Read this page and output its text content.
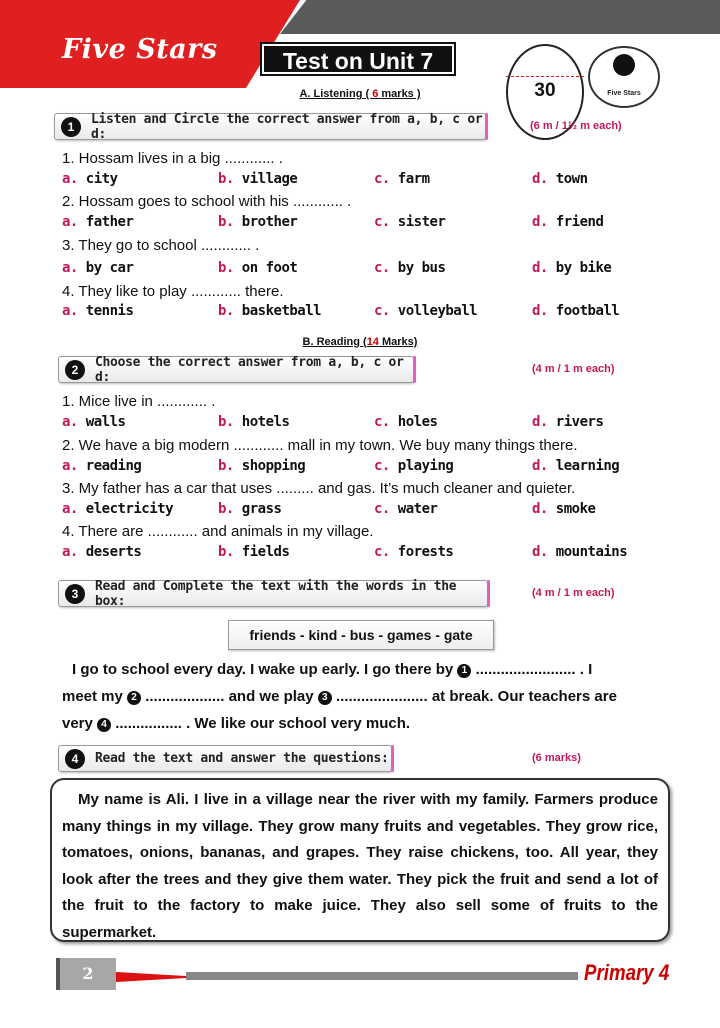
Five Stars	Test on Unit 7
30	Five Stars
A. Listening ( 6 marks )
1	Listen and Circle the correct answer from a, b, c or d:
(6 m / 1½ m each)
1. Hossam lives in a big ............ .
a. city	b. village	c. farm	d. town
2. Hossam goes to school with his ............ .
a. father	b. brother	c. sister	d. friend
3. They go to school ............ .
a. by car	b. on foot	c. by bus	d. by bike
4. They like to play ............ there.
a. tennis	b. basketball	c. volleyball	d. football
B. Reading (14 Marks)
2	Choose the correct answer from a, b, c or d:
(4 m / 1 m each)
1. Mice live in ............ .
a. walls	b. hotels	c. holes	d. rivers
2. We have a big modern ............ mall in my town. We buy many things there.
a. reading	b. shopping	c. playing	d. learning
3. My father has a car that uses ......... and gas. It’s much cleaner and quieter.
a. electricity	b. grass	c. water	d. smoke
4. There are ............ and animals in my village.
a. deserts	b. fields	c. forests	d. mountains
3	Read and Complete the text with the words in the box:
(4 m / 1 m each)
friends - kind - bus - games - gate
I go to school every day. I wake up early. I go there by 1 ........................ . I
meet my 2 ................... and we play 3 ...................... at break. Our teachers are
very 4 ................ . We like our school very much.
4	Read the text and answer the questions:	(6 marks)

My name is Ali. I live in a village near the river with my family. Farmers produce many things in my village. They grow many fruits and vegetables. They grow rice, tomatoes, onions, bananas, and grapes. They raise chickens, too. All year, they look after the trees and they give them water. They pick the fruit and send a lot of the fruit to the factory to make juice. They also sell some of fruits to the supermarket.

2	Primary 4
